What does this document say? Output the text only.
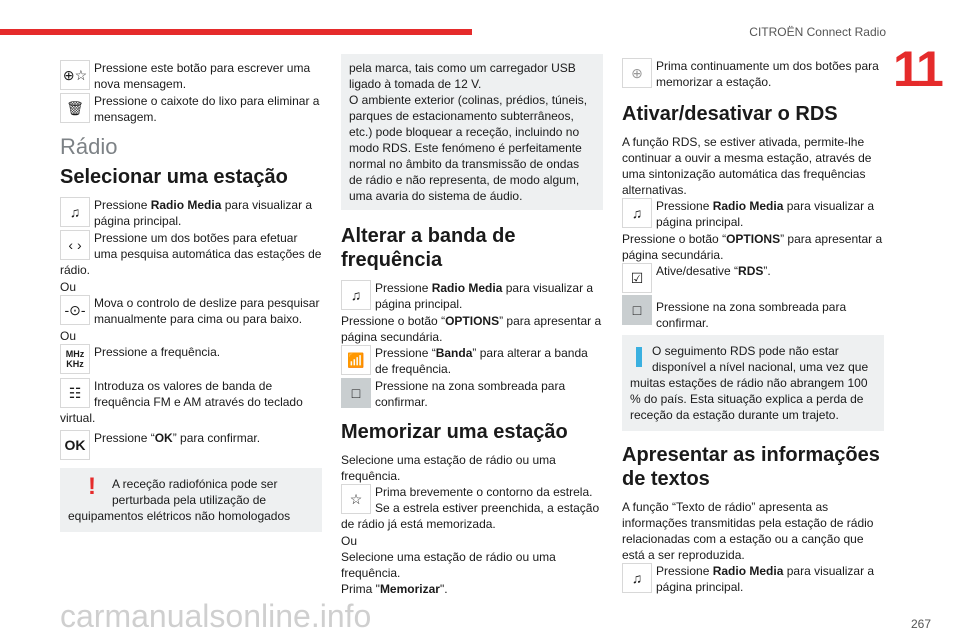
CITROËN Connect Radio
11
⊕☆ Pressione este botão para escrever uma nova mensagem.

🗑 Pressione o caixote do lixo para eliminar a mensagem.

Rádio
Selecionar uma estação
♫	Pressione Radio Media para visualizar a página principal.

‹ ›	Pressione um dos botões para efetuar uma pesquisa automática das estações de rádio.

Ou

-⊙- Mova o controlo de deslize para pesquisar manualmente para cima ou para baixo.

Ou

MHz KHz

Pressione a frequência.

☷	Introduza os valores de banda de frequência FM e AM através do teclado virtual.

OK Pressione “OK” para confirmar.

!	A receção radiofónica pode ser perturbada pela utilização de equipamentos elétricos não homologados

pela marca, tais como um carregador USB ligado à tomada de 12 V.
O ambiente exterior (colinas, prédios, túneis, parques de estacionamento subterrâneos, etc.) pode bloquear a receção, incluindo no modo RDS. Este fenómeno é perfeitamente normal no âmbito da transmissão de ondas de rádio e não representa, de modo algum, uma avaria do sistema de áudio.
Alterar a banda de frequência
♫	Pressione Radio Media para visualizar a página principal.

Pressione o botão “OPTIONS” para apresentar a página secundária.

📶 Pressione “Banda” para alterar a banda de frequência.

□	Pressione na zona sombreada para confirmar.

Memorizar uma estação

Selecione uma estação de rádio ou uma frequência.

☆	Prima brevemente o contorno da estrela. Se a estrela estiver preenchida, a estação de rádio já está memorizada.

Ou

Selecione uma estação de rádio ou uma frequência.

Prima "Memorizar".

⊕	Prima continuamente um dos botões para memorizar a estação.

Ativar/desativar o RDS

A função RDS, se estiver ativada, permite-lhe continuar a ouvir a mesma estação, através de uma sintonização automática das frequências alternativas.

♫	Pressione Radio Media para visualizar a página principal.

Pressione o botão “OPTIONS” para apresentar a página secundária.

☑	Ative/desative “RDS”.

□	Pressione na zona sombreada para confirmar.

O seguimento RDS pode não estar disponível a nível nacional, uma vez que muitas estações de rádio não abrangem 100 % do país. Esta situação explica a perda de receção da estação durante um trajeto.

Apresentar as informações de textos

A função “Texto de rádio” apresenta as informações transmitidas pela estação de rádio relacionadas com a estação ou a canção que está a ser reproduzida.

♫	Pressione Radio Media para visualizar a página principal.

carmanualsonline.info	267
